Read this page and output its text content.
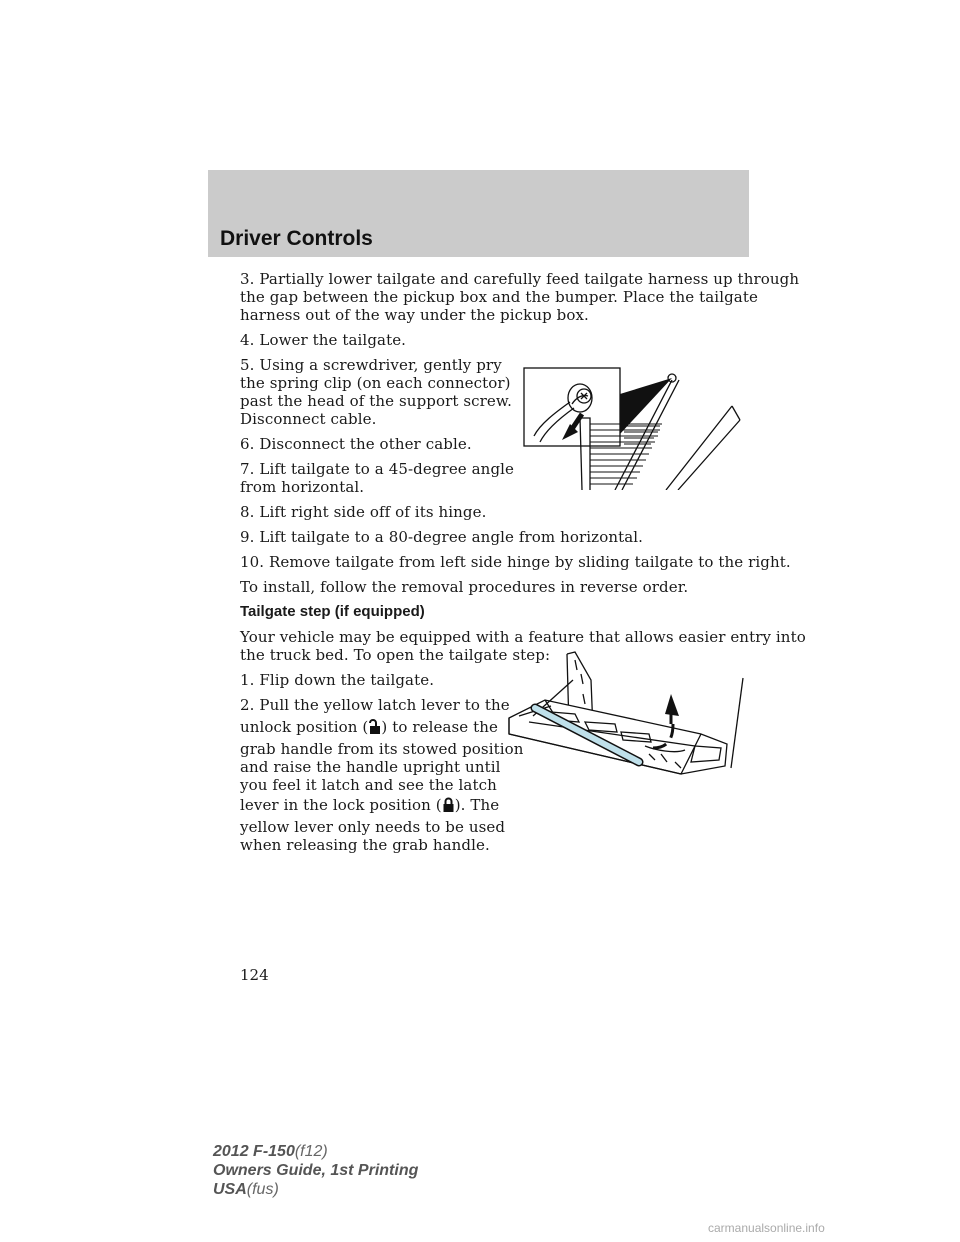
Driver Controls
3. Partially lower tailgate and carefully feed tailgate harness up through
the gap between the pickup box and the bumper. Place the tailgate
harness out of the way under the pickup box.
4. Lower the tailgate.
5. Using a screwdriver, gently pry
the spring clip (on each connector)
past the head of the support screw.
Disconnect cable.
6. Disconnect the other cable.
7. Lift tailgate to a 45-degree angle
from horizontal.
8. Lift right side off of its hinge.
9. Lift tailgate to a 80-degree angle from horizontal.
10. Remove tailgate from left side hinge by sliding tailgate to the right.
To install, follow the removal procedures in reverse order.
Tailgate step (if equipped)
Your vehicle may be equipped with a feature that allows easier entry into
the truck bed. To open the tailgate step:
1. Flip down the tailgate.
2. Pull the yellow latch lever to the
unlock position ( ) to release the
grab handle from its stowed position
and raise the handle upright until
you feel it latch and see the latch
lever in the lock position ( ). The
yellow lever only needs to be used
when releasing the grab handle.
124
2012 F-150(f12)
Owners Guide, 1st Printing
USA(fus)
carmanualsonline.info
